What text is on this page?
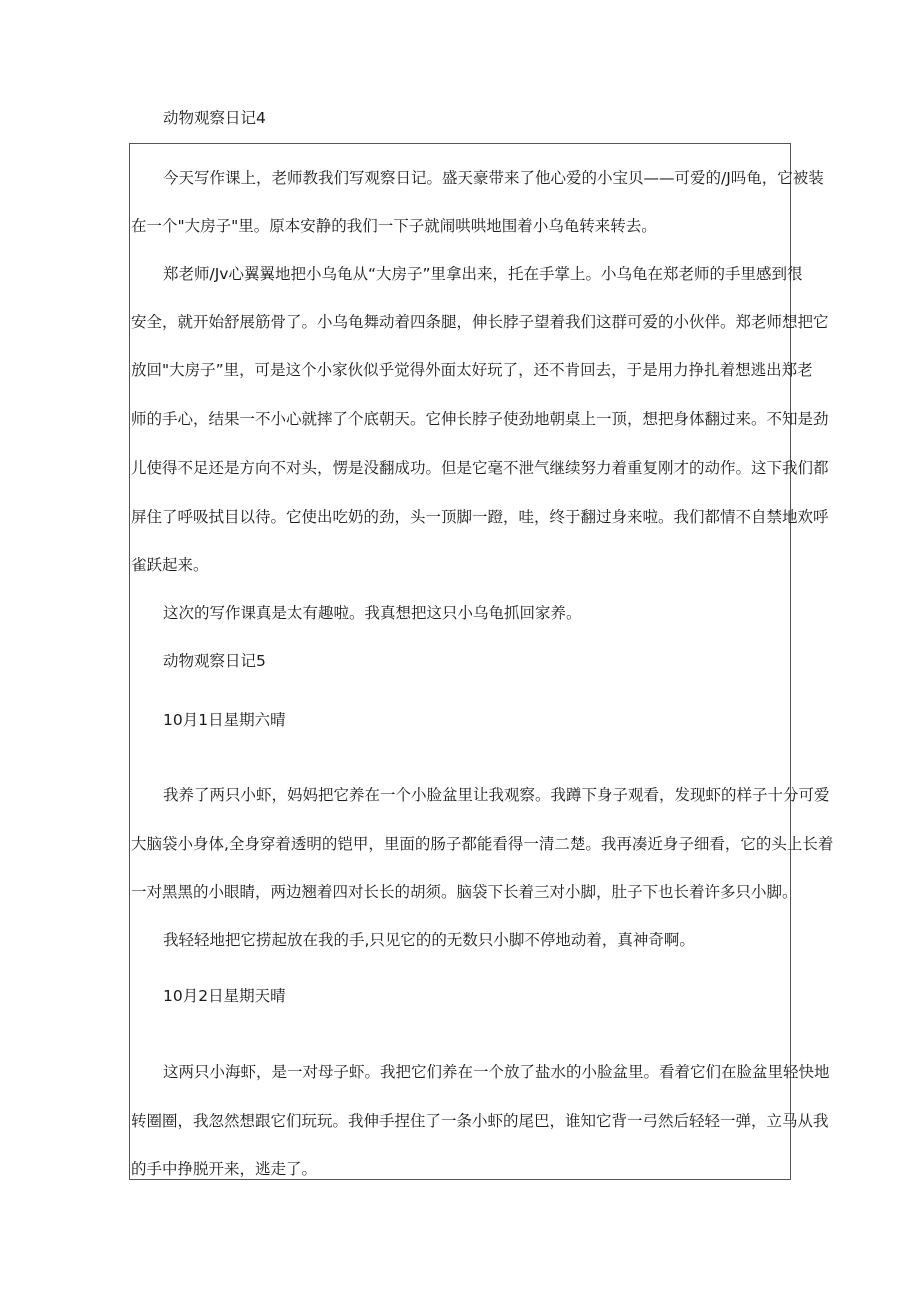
动物观察日记4
今天写作课上，老师教我们写观察日记。盛天豪带来了他心爱的小宝贝——可爱的/J吗龟，它被装
在一个"大房子"里。原本安静的我们一下子就闹哄哄地围着小乌龟转来转去。
郑老师/Jv心翼翼地把小乌龟从“大房子”里拿出来，托在手掌上。小乌龟在郑老师的手里感到很
安全，就开始舒展筋骨了。小乌龟舞动着四条腿，伸长脖子望着我们这群可爱的小伙伴。郑老师想把它
放回"大房子”里，可是这个小家伙似乎觉得外面太好玩了，还不肯回去，于是用力挣扎着想逃出郑老
师的手心，结果一不小心就摔了个底朝天。它伸长脖子使劲地朝桌上一顶，想把身体翻过来。不知是劲
儿使得不足还是方向不对头，愣是没翻成功。但是它毫不泄气继续努力着重复刚才的动作。这下我们都
屏住了呼吸拭目以待。它使出吃奶的劲，头一顶脚一蹬，哇，终于翻过身来啦。我们都情不自禁地欢呼
雀跃起来。
这次的写作课真是太有趣啦。我真想把这只小乌龟抓回家养。
动物观察日记5
10月1日星期六晴
我养了两只小虾，妈妈把它养在一个小脸盆里让我观察。我蹲下身子观看，发现虾的样子十分可爱
大脑袋小身体,全身穿着透明的铠甲，里面的肠子都能看得一清二楚。我再凑近身子细看，它的头上长着
一对黑黑的小眼睛，两边翘着四对长长的胡须。脑袋下长着三对小脚，肚子下也长着许多只小脚。
我轻轻地把它捞起放在我的手,只见它的的无数只小脚不停地动着，真神奇啊。
10月2日星期天晴
这两只小海虾，是一对母子虾。我把它们养在一个放了盐水的小脸盆里。看着它们在脸盆里轻快地
转圈圈，我忽然想跟它们玩玩。我伸手捏住了一条小虾的尾巴，谁知它背一弓然后轻轻一弹，立马从我
的手中挣脱开来，逃走了。
